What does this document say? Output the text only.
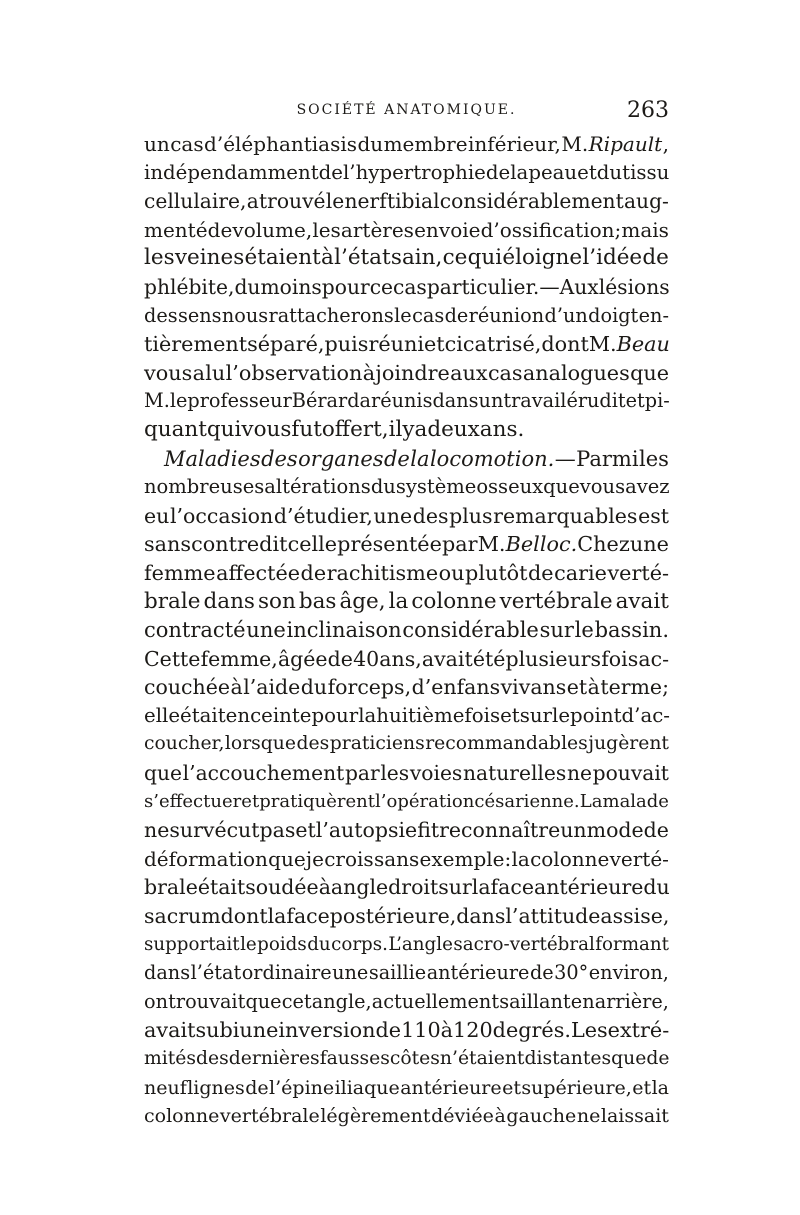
SOCIÉTÉ ANATOMIQUE.	263
un cas d’éléphantiasis du membre inférieur, M. Ripault ,
indépendamment de l’hypertrophie de la peau et du tissu
cellulaire, a trouvé le nerf tibial considérablement aug-
menté de volume, les artères en voie d’ossification; mais
les veines étaient à l’état sain, ce qui éloigne l’idée de
phlébite, du moins pour ce cas particulier. — Aux lésions
des sens nous rattacherons le cas de réunion d’un doigt en-
tièrement séparé, puis réuni et cicatrisé, dont M. Beau
vous a lu l’observation à joindre aux cas analogues que
M. le professeur Bérard a réunis dans un travail érudit et pi-
quant qui vous fut offert, il y a deux ans.
Maladies des organes de la locomotion. — Parmi les
nombreuses altérations du système osseux que vous avez
eu l’occasion d’étudier, une des plus remarquables est
sans contredit celle présentée par M. Belloc. Chez une
femme affectée de rachitisme ou plutôt de carie verté-
brale dans son bas âge, la colonne vertébrale avait
contracté une inclinaison considérable sur le bassin.
Cette femme, âgée de 40 ans, avait été plusieurs fois ac-
couchée à l’aide du forceps, d’enfans vivans et à terme;
elle était enceinte pour la huitième fois et sur le point d’ac-
coucher, lorsque des praticiens recommandables jugèrent
que l’accouchement par les voies naturelles ne pouvait
s’effectuer et pratiquèrent l’opération césarienne. La malade
ne survécut pas et l’autopsie fit reconnaître un mode de
déformation que je crois sans exemple: la colonne verté-
brale était soudée à angle droit sur la face antérieure du
sacrum dont la face postérieure, dans l’attitude assise,
supportait le poids du corps. L’angle sacro-vertébral formant
dans l’état ordinaire une saillie antérieure de 30° environ,
on trouvait que cet angle, actuellement saillant en arrière,
avait subi une inversion de 110 à 120 degrés. Les extré-
mités des dernières fausses côtes n’étaient distantes que de
neuf lignes de l’épine iliaque antérieure et supérieure, et la
colonne vertébrale légèrement déviée à gauche ne laissait
